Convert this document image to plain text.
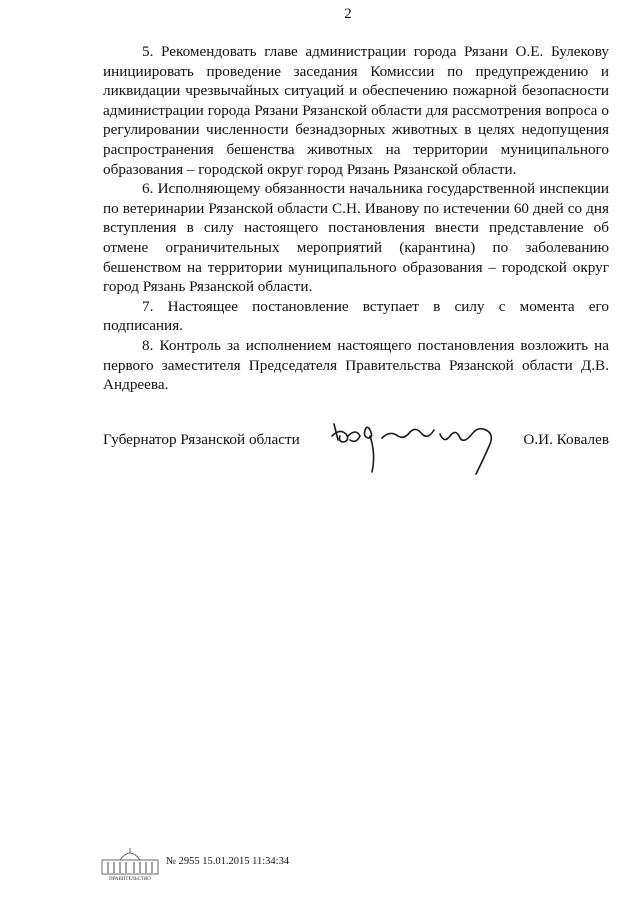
2

5. Рекомендовать главе администрации города Рязани О.Е. Булекову инициировать проведение заседания Комиссии по предупреждению и ликвидации чрезвычайных ситуаций и обеспечению пожарной безопасности администрации города Рязани Рязанской области для рассмотрения вопроса о регулировании численности безнадзорных животных в целях недопущения распространения бешенства животных на территории муниципального образования – городской округ город Рязань Рязанской области.

6. Исполняющему обязанности начальника государственной инспекции по ветеринарии Рязанской области С.Н. Иванову по истечении 60 дней со дня вступления в силу настоящего постановления внести представление об отмене ограничительных мероприятий (карантина) по заболеванию бешенством на территории муниципального образования – городской округ город Рязань Рязанской области.

7. Настоящее постановление вступает в силу с момента его подписания.

8. Контроль за исполнением настоящего постановления возложить на первого заместителя Председателя Правительства Рязанской области Д.В. Андреева.

Губернатор Рязанской области	О.И. Ковалев
ПРАВИТЕЛЬСТВО
№ 2955 15.01.2015 11:34:34
